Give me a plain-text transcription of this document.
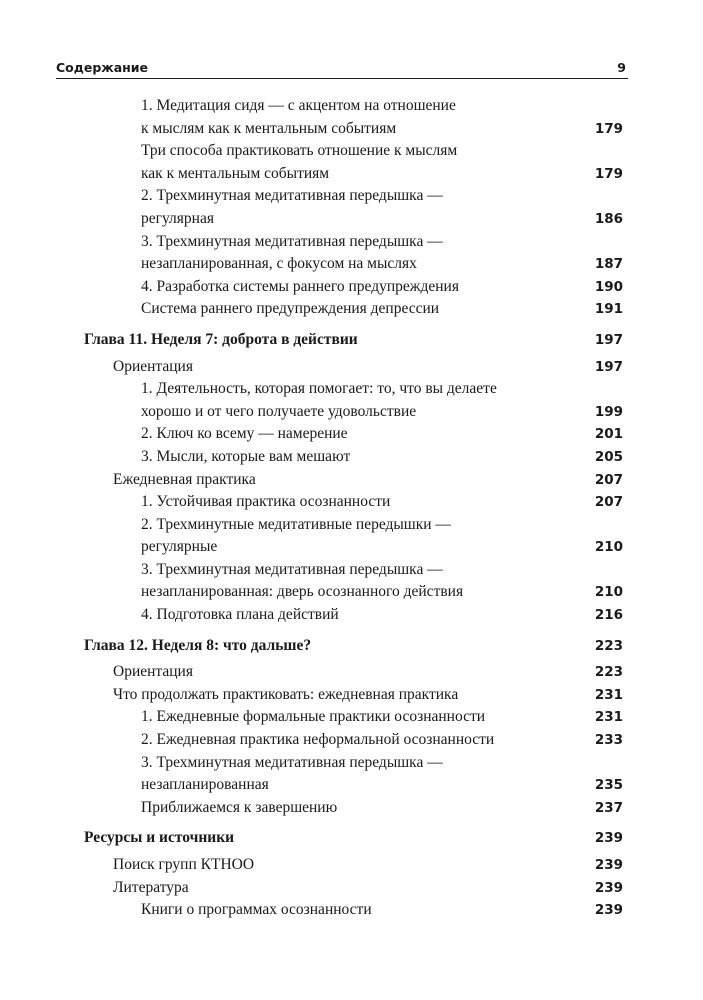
Содержание	9
1. Медитация сидя — с акцентом на отношение
к мыслям как к ментальным событиям	179
Три способа практиковать отношение к мыслям
как к ментальным событиям	179
2. Трехминутная медитативная передышка —
регулярная	186
3. Трехминутная медитативная передышка —
незапланированная, с фокусом на мыслях	187
4. Разработка системы раннего предупреждения	190
Система раннего предупреждения депрессии	191
Глава 11. Неделя 7: доброта в действии	197
Ориентация	197
1. Деятельность, которая помогает: то, что вы делаете
хорошо и от чего получаете удовольствие	199
2. Ключ ко всему — намерение	201
3. Мысли, которые вам мешают	205
Ежедневная практика	207
1. Устойчивая практика осознанности	207
2. Трехминутные медитативные передышки —
регулярные	210
3. Трехминутная медитативная передышка —
незапланированная: дверь осознанного действия	210
4. Подготовка плана действий	216
Глава 12. Неделя 8: что дальше?	223
Ориентация	223
Что продолжать практиковать: ежедневная практика	231
1. Ежедневные формальные практики осознанности	231
2. Ежедневная практика неформальной осознанности	233
3. Трехминутная медитативная передышка —
незапланированная	235
Приближаемся к завершению	237
Ресурсы и источники	239
Поиск групп КТНОО	239
Литература	239
Книги о программах осознанности	239
